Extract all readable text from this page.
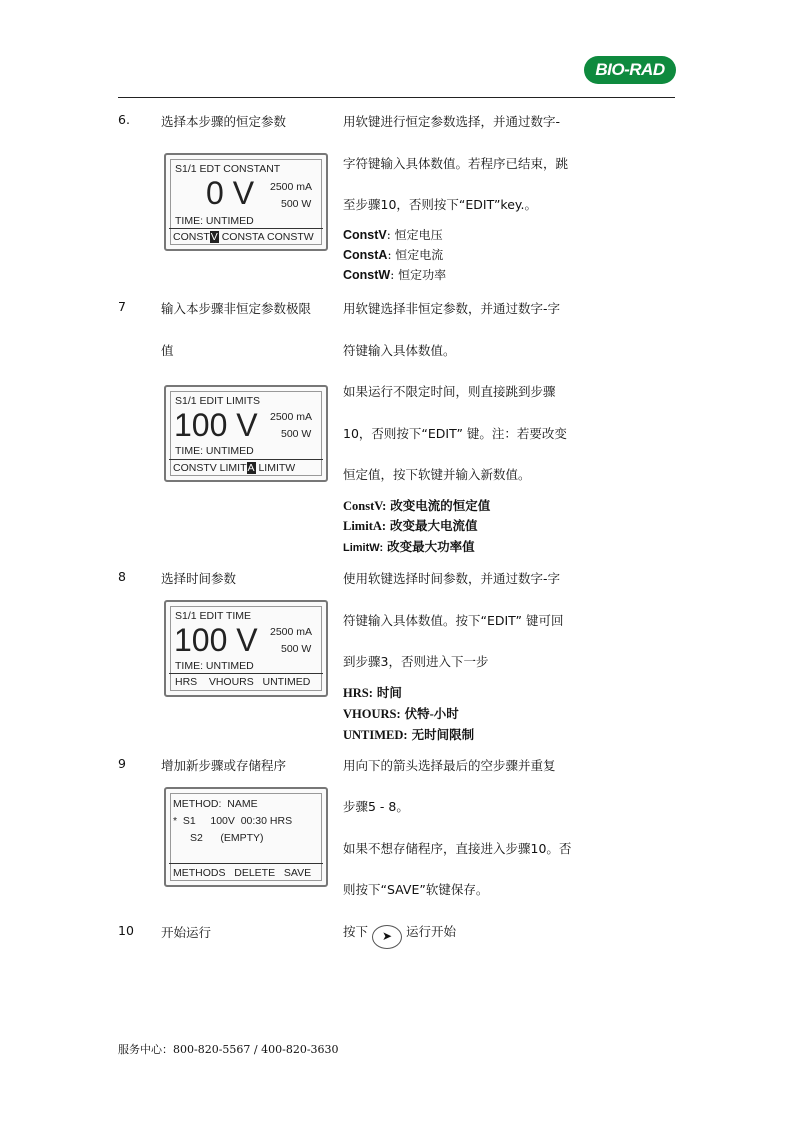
BIO-RAD
6. 选择本步骤的恒定参数	用软键进行恒定参数选择，并通过数字-
字符键输入具体数值。若程序已结束，跳
至步骤10，否则按下“EDIT”key.。
ConstV: 恒定电压
ConstA: 恒定电流
ConstW: 恒定功率
S1/1 EDT CONSTANT
0 V 2500 mA
500 W
TIME: UNTIMED
CONSTV CONSTA CONSTW
7	输入本步骤非恒定参数极限
值
用软键选择非恒定参数，并通过数字-字
符键输入具体数值。
如果运行不限定时间，则直接跳到步骤
10，否则按下“EDIT” 键。注：若要改变
恒定值，按下软键并输入新数值。
ConstV: 改变电流的恒定值
LimitA: 改变最大电流值
LimitW: 改变最大功率值
S1/1 EDIT LIMITS
100 V 2500 mA
500 W
TIME: UNTIMED
CONSTV LIMITA LIMITW
8	选择时间参数	使用软键选择时间参数，并通过数字-字
符键输入具体数值。按下“EDIT” 键可回
到步骤3，否则进入下一步
HRS: 时间
VHOURS: 伏特-小时
UNTIMED: 无时间限制
S1/1 EDIT TIME
100 V 2500 mA
500 W
TIME: UNTIMED
HRS    VHOURS   UNTIMED
9	增加新步骤或存储程序	用向下的箭头选择最后的空步骤并重复
步骤5 - 8。
如果不想存储程序，直接进入步骤10。否
则按下“SAVE”软键保存。
METHOD:  NAME
*  S1     100V  00:30 HRS
S2      (EMPTY)
METHODS   DELETE   SAVE
10 开始运行	按下 ➤ 运行开始
服务中心：800-820-5567 / 400-820-3630
